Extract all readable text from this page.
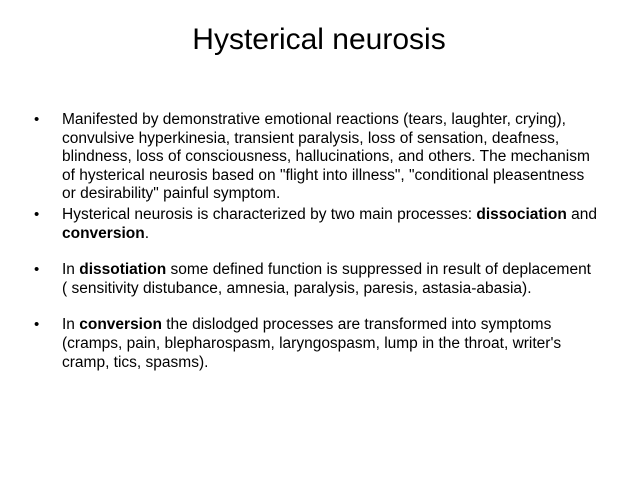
Hysterical neurosis
•	Manifested by demonstrative emotional reactions (tears, laughter, crying), convulsive hyperkinesia, transient paralysis, loss of sensation, deafness, blindness, loss of consciousness, hallucinations, and others. The mechanism of hysterical neurosis based on "flight into illness", "conditional pleasentness or desirability" painful symptom.
•	Hysterical neurosis is characterized by two main processes: dissociation and conversion.
•	In dissotiation some defined function is suppressed in result of deplacement ( sensitivity distubance, amnesia, paralysis, paresis, astasia-abasia).
•	In conversion the dislodged processes are transformed into symptoms (cramps, pain, blepharospasm, laryngospasm, lump in the throat, writer's cramp, tics, spasms).
